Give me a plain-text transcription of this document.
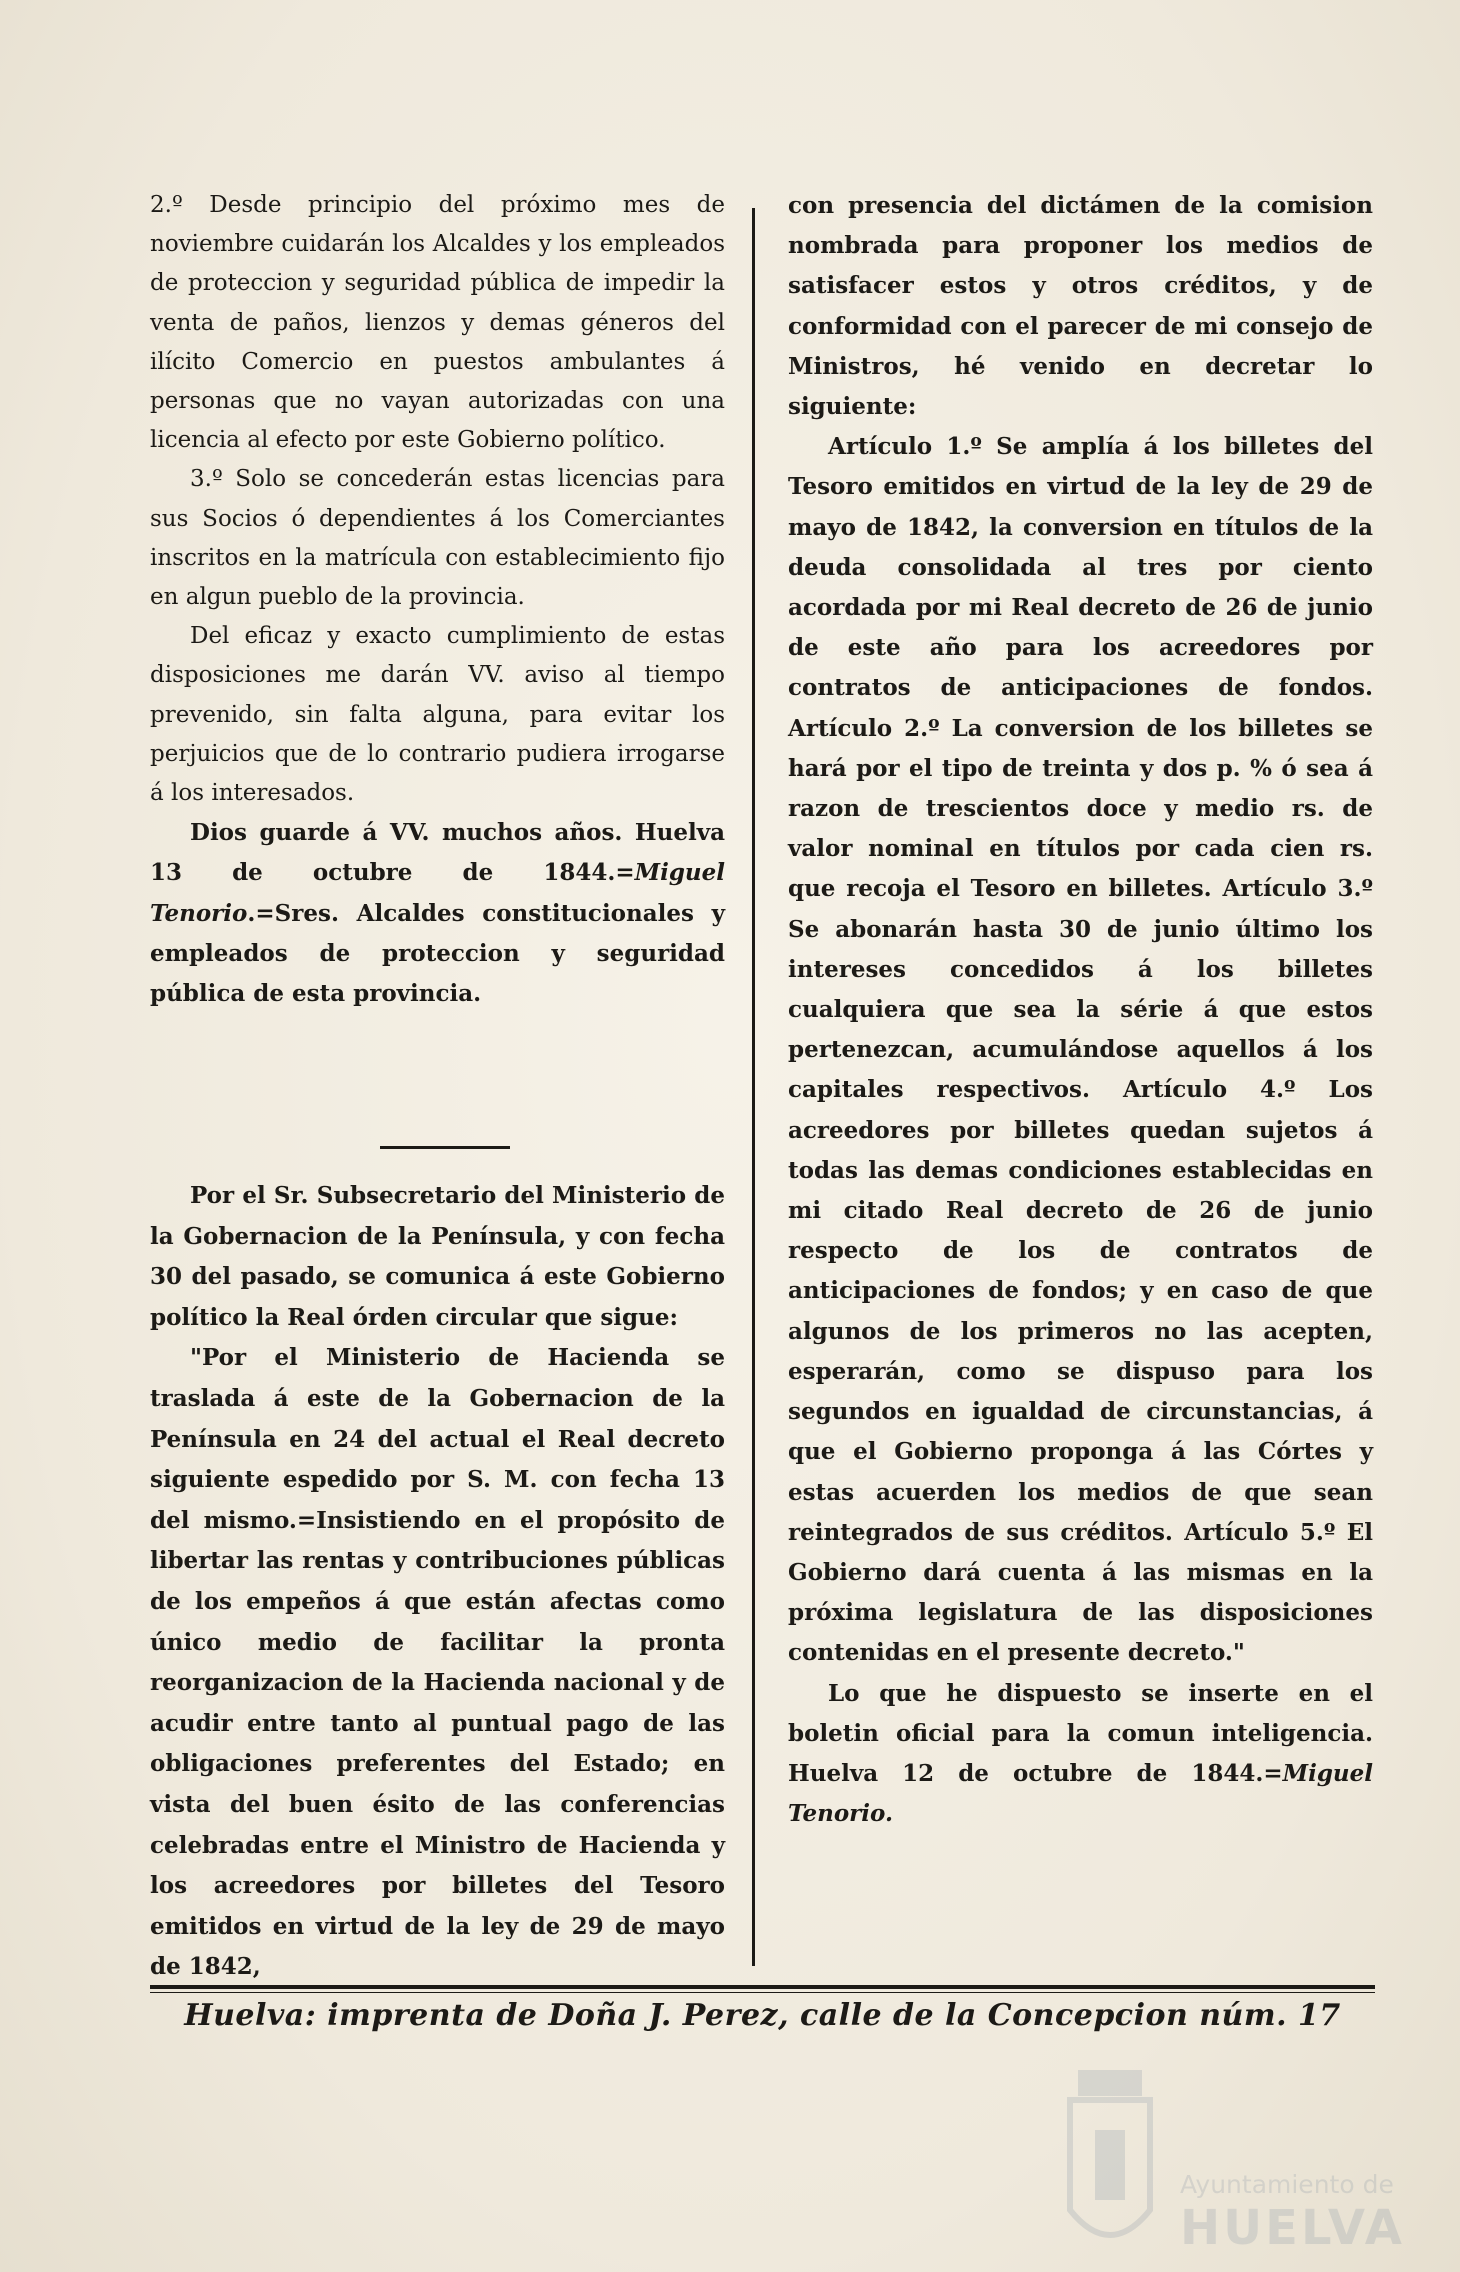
2.º Desde principio del próximo mes de noviembre cuidarán los Alcaldes y los empleados de proteccion y seguridad pública de impedir la venta de paños, lienzos y demas géneros del ilícito Comercio en puestos ambulantes á personas que no vayan autorizadas con una licencia al efecto por este Gobierno político.

3.º Solo se concederán estas licencias para sus Socios ó dependientes á los Comerciantes inscritos en la matrícula con establecimiento fijo en algun pueblo de la provincia.

Del eficaz y exacto cumplimiento de estas disposiciones me darán VV. aviso al tiempo prevenido, sin falta alguna, para evitar los perjuicios que de lo contrario pudiera irrogarse á los interesados.

Dios guarde á VV. muchos años. Huelva 13 de octubre de 1844.=Miguel Tenorio.=Sres. Alcaldes constitucionales y empleados de proteccion y seguridad pública de esta provincia.

Por el Sr. Subsecretario del Ministerio de la Gobernacion de la Península, y con fecha 30 del pasado, se comunica á este Gobierno político la Real órden circular que sigue:

"Por el Ministerio de Hacienda se traslada á este de la Gobernacion de la Península en 24 del actual el Real decreto siguiente espedido por S. M. con fecha 13 del mismo.=Insistiendo en el propósito de libertar las rentas y contribuciones públicas de los empeños á que están afectas como único medio de facilitar la pronta reorganizacion de la Hacienda nacional y de acudir entre tanto al puntual pago de las obligaciones preferentes del Estado; en vista del buen ésito de las conferencias celebradas entre el Ministro de Hacienda y los acreedores por billetes del Tesoro emitidos en virtud de la ley de 29 de mayo de 1842,

con presencia del dictámen de la comision nombrada para proponer los medios de satisfacer estos y otros créditos, y de conformidad con el parecer de mi consejo de Ministros, hé venido en decretar lo siguiente:

Artículo 1.º Se amplía á los billetes del Tesoro emitidos en virtud de la ley de 29 de mayo de 1842, la conversion en títulos de la deuda consolidada al tres por ciento acordada por mi Real decreto de 26 de junio de este año para los acreedores por contratos de anticipaciones de fondos. Artículo 2.º La conversion de los billetes se hará por el tipo de treinta y dos p. % ó sea á razon de trescientos doce y medio rs. de valor nominal en títulos por cada cien rs. que recoja el Tesoro en billetes. Artículo 3.º Se abonarán hasta 30 de junio último los intereses concedidos á los billetes cualquiera que sea la série á que estos pertenezcan, acumulándose aquellos á los capitales respectivos. Artículo 4.º Los acreedores por billetes quedan sujetos á todas las demas condiciones establecidas en mi citado Real decreto de 26 de junio respecto de los de contratos de anticipaciones de fondos; y en caso de que algunos de los primeros no las acepten, esperarán, como se dispuso para los segundos en igualdad de circunstancias, á que el Gobierno proponga á las Córtes y estas acuerden los medios de que sean reintegrados de sus créditos. Artículo 5.º El Gobierno dará cuenta á las mismas en la próxima legislatura de las disposiciones contenidas en el presente decreto."

Lo que he dispuesto se inserte en el boletin oficial para la comun inteligencia. Huelva 12 de octubre de 1844.=Miguel Tenorio.

Huelva: imprenta de Doña J. Perez, calle de la Concepcion núm. 17
Ayuntamiento de
HUELVA
